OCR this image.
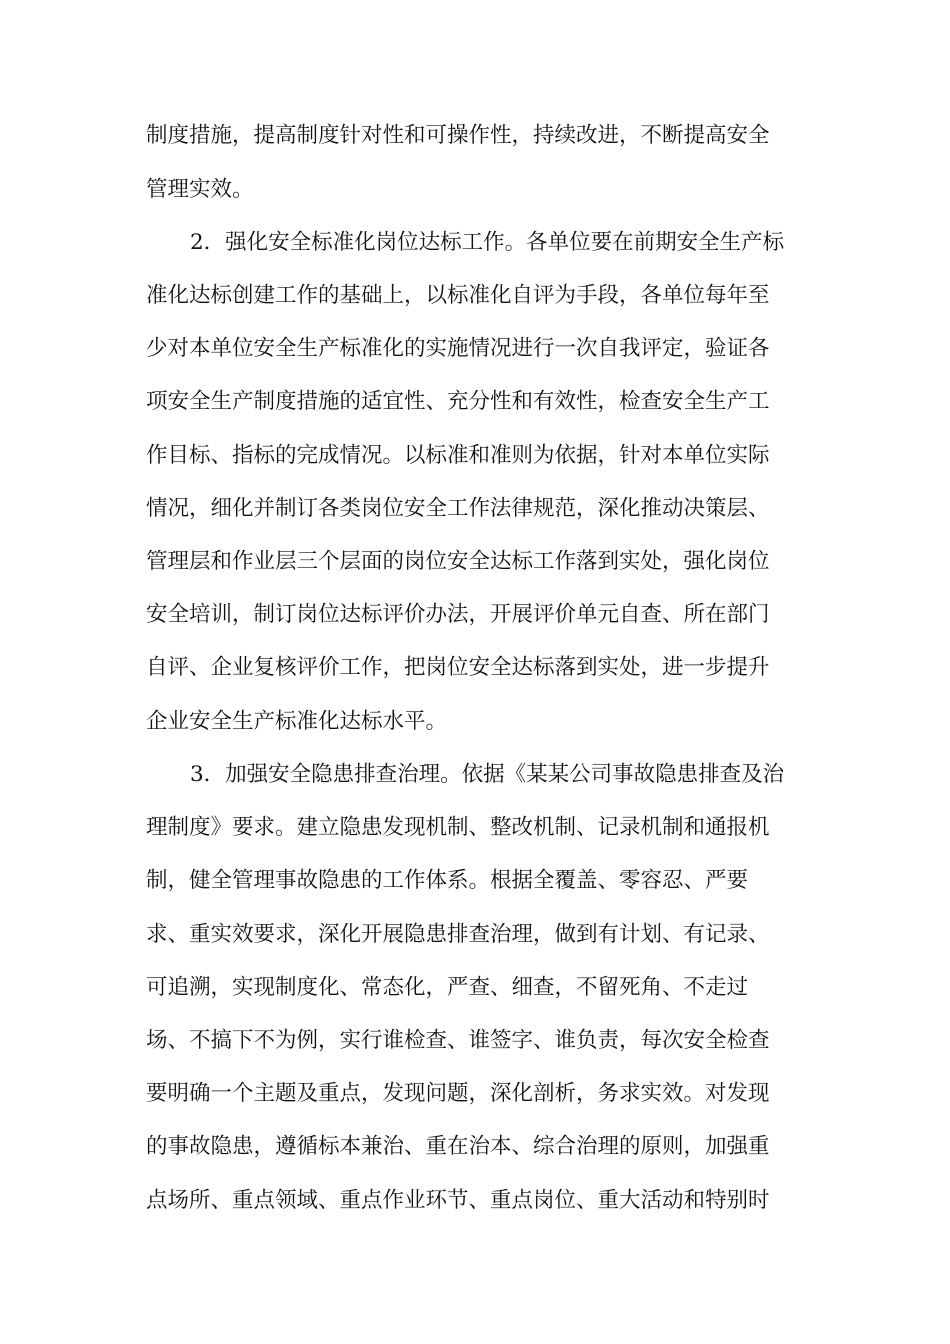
制度措施，提高制度针对性和可操作性，持续改进，不断提高安全

管理实效。

2．强化安全标准化岗位达标工作。各单位要在前期安全生产标

准化达标创建工作的基础上，以标准化自评为手段，各单位每年至

少对本单位安全生产标准化的实施情况进行一次自我评定，验证各

项安全生产制度措施的适宜性、充分性和有效性，检查安全生产工

作目标、指标的完成情况。以标准和准则为依据，针对本单位实际

情况，细化并制订各类岗位安全工作法律规范，深化推动决策层、

管理层和作业层三个层面的岗位安全达标工作落到实处，强化岗位

安全培训，制订岗位达标评价办法，开展评价单元自查、所在部门

自评、企业复核评价工作，把岗位安全达标落到实处，进一步提升

企业安全生产标准化达标水平。

3．加强安全隐患排查治理。依据《某某公司事故隐患排查及治

理制度》要求。建立隐患发现机制、整改机制、记录机制和通报机

制，健全管理事故隐患的工作体系。根据全覆盖、零容忍、严要

求、重实效要求，深化开展隐患排查治理，做到有计划、有记录、

可追溯，实现制度化、常态化，严查、细查，不留死角、不走过

场、不搞下不为例，实行谁检查、谁签字、谁负责，每次安全检查

要明确一个主题及重点，发现问题，深化剖析，务求实效。对发现

的事故隐患，遵循标本兼治、重在治本、综合治理的原则，加强重

点场所、重点领域、重点作业环节、重点岗位、重大活动和特别时
